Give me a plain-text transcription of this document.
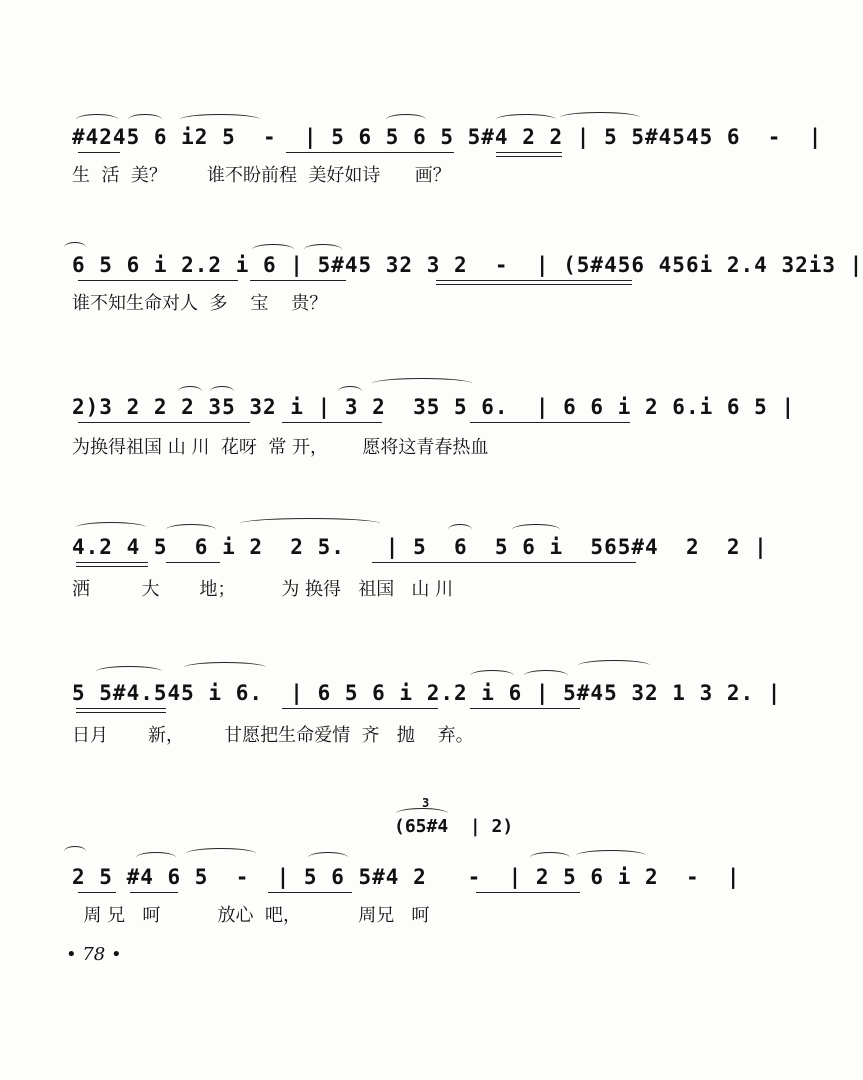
#4245 6 i2 5  -  | 5 6 5 6 5 5#4 2 2 | 5 5#4545 6  -  |
生  活  美？       谁不盼前程  美好如诗      画？
6 5 6 i 2.2 i 6 | 5#45 32 3 2  -  | (5#456 456i 2.4 32i3 |
谁不知生命对人  多    宝    贵？
2)3 2 2 2 35 32 i | 3 2  35 5 6.  | 6 6 i 2 6.i 6 5 |
为换得祖国 山 川  花呀  常 开，      愿将这青春热血
4.2 4 5  6 i 2  2 5.   | 5  6  5 6 i  565#4  2  2 |
洒         大       地；        为 换得   祖国   山 川
5 5#4.545 i 6.  | 6 5 6 i 2.2 i 6 | 5#45 32 1 3 2. |
日月       新，       甘愿把生命爱情  齐   抛    弃。
(65#4  | 2)
3
2 5 #4 6 5  -  | 5 6 5#4 2   -  | 2 5 6 i 2  -  |
周 兄   呵          放心  吧，          周兄   呵
• 78 •
